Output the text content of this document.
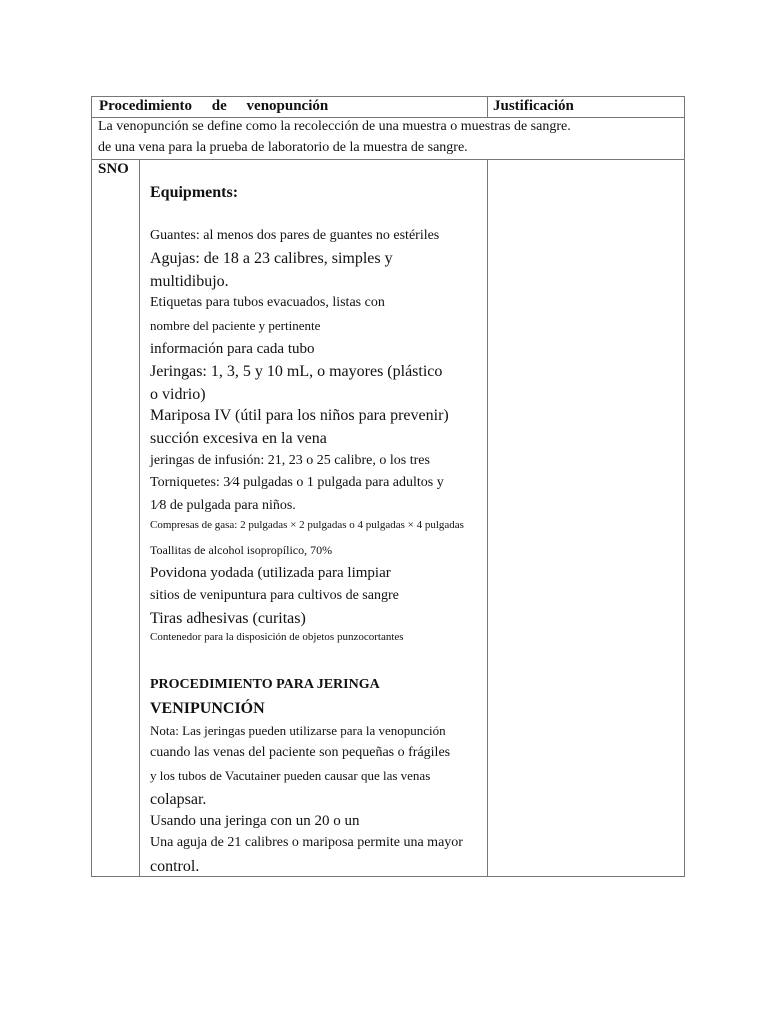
Procedimiento de venopunción	Justificación
La venopunción se define como la recolección de una muestra o muestras de sangre.
de una vena para la prueba de laboratorio de la muestra de sangre.
SNO
Equipments:
Guantes: al menos dos pares de guantes no estériles
Agujas: de 18 a 23 calibres, simples y
multidibujo.
Etiquetas para tubos evacuados, listas con
nombre del paciente y pertinente
información para cada tubo
Jeringas: 1, 3, 5 y 10 mL, o mayores (plástico
o vidrio)
Mariposa IV (útil para los niños para prevenir)
succión excesiva en la vena
jeringas de infusión: 21, 23 o 25 calibre, o los tres
Torniquetes: 3⁄4 pulgadas o 1 pulgada para adultos y
1⁄8 de pulgada para niños.
Compresas de gasa: 2 pulgadas × 2 pulgadas o 4 pulgadas × 4 pulgadas
Toallitas de alcohol isopropílico, 70%
Povidona yodada (utilizada para limpiar
sitios de venipuntura para cultivos de sangre
Tiras adhesivas (curitas)
Contenedor para la disposición de objetos punzocortantes
PROCEDIMIENTO PARA JERINGA
VENIPUNCIÓN
Nota: Las jeringas pueden utilizarse para la venopunción
cuando las venas del paciente son pequeñas o frágiles
y los tubos de Vacutainer pueden causar que las venas
colapsar.
Usando una jeringa con un 20 o un
Una aguja de 21 calibres o mariposa permite una mayor
control.
